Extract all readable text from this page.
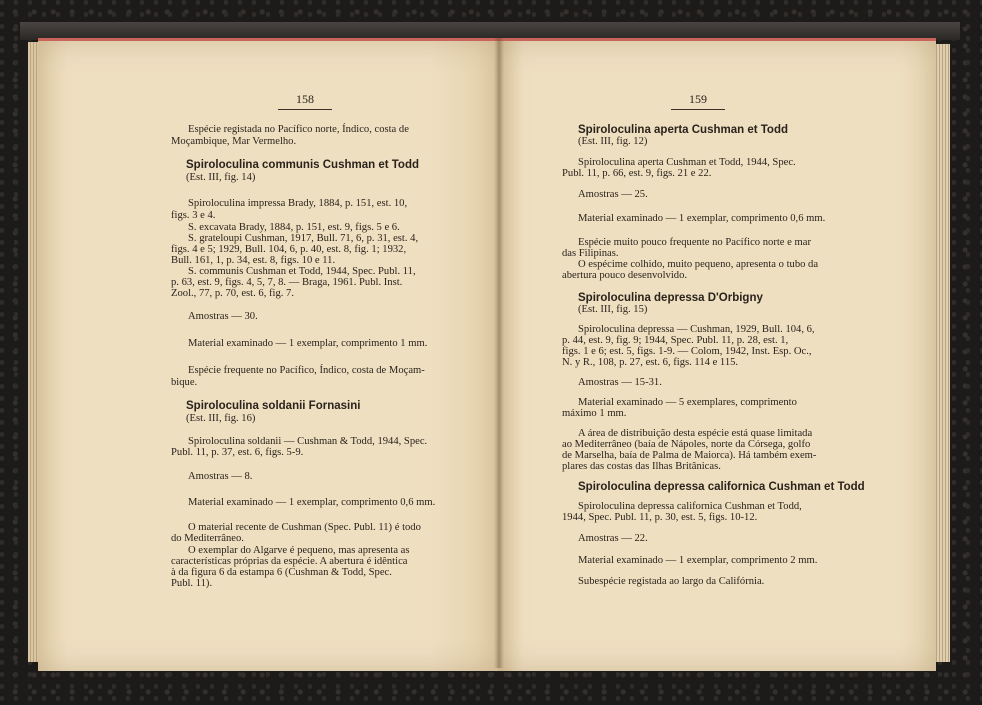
158
Espécie registada no Pacífico norte, Índico, costa de
Moçambique, Mar Vermelho.
Spiroloculina communis Cushman et Todd
(Est. III, fig. 14)
Spiroloculina impressa Brady, 1884, p. 151, est. 10,
figs. 3 e 4.
S. excavata Brady, 1884, p. 151, est. 9, figs. 5 e 6.
S. grateloupi Cushman, 1917, Bull. 71, 6, p. 31, est. 4,
figs. 4 e 5; 1929, Bull. 104, 6, p. 40, est. 8, fig. 1; 1932,
Bull. 161, 1, p. 34, est. 8, figs. 10 e 11.
S. communis Cushman et Todd, 1944, Spec. Publ. 11,
p. 63, est. 9, figs. 4, 5, 7, 8. — Braga, 1961. Publ. Inst.
Zool., 77, p. 70, est. 6, fig. 7.
Amostras — 30.
Material examinado — 1 exemplar, comprimento 1 mm.
Espécie frequente no Pacífico, Índico, costa de Moçam-
bique.
Spiroloculina soldanii Fornasini
(Est. III, fig. 16)
Spiroloculina soldanii — Cushman & Todd, 1944, Spec.
Publ. 11, p. 37, est. 6, figs. 5-9.
Amostras — 8.
Material examinado — 1 exemplar, comprimento 0,6 mm.
O material recente de Cushman (Spec. Publ. 11) é todo
do Mediterrâneo.
O exemplar do Algarve é pequeno, mas apresenta as
características próprias da espécie. A abertura é idêntica
à da figura 6 da estampa 6 (Cushman & Todd, Spec.
Publ. 11).
159
Spiroloculina aperta Cushman et Todd
(Est. III, fig. 12)
Spiroloculina aperta Cushman et Todd, 1944, Spec.
Publ. 11, p. 66, est. 9, figs. 21 e 22.
Amostras — 25.
Material examinado — 1 exemplar, comprimento 0,6 mm.
Espécie muito pouco frequente no Pacífico norte e mar
das Filipinas.
O espécime colhido, muito pequeno, apresenta o tubo da
abertura pouco desenvolvido.
Spiroloculina depressa D'Orbigny
(Est. III, fig. 15)
Spiroloculina depressa — Cushman, 1929, Bull. 104, 6,
p. 44, est. 9, fig. 9; 1944, Spec. Publ. 11, p. 28, est. 1,
figs. 1 e 6; est. 5, figs. 1-9. — Colom, 1942, Inst. Esp. Oc.,
N. y R., 108, p. 27, est. 6, figs. 114 e 115.
Amostras — 15-31.
Material examinado — 5 exemplares, comprimento
máximo 1 mm.
A área de distribuição desta espécie está quase limitada
ao Mediterrâneo (baía de Nápoles, norte da Córsega, golfo
de Marselha, baía de Palma de Maiorca). Há também exem-
plares das costas das Ilhas Britânicas.
Spiroloculina depressa californica Cushman et Todd
Spiroloculina depressa californica Cushman et Todd,
1944, Spec. Publ. 11, p. 30, est. 5, figs. 10-12.
Amostras — 22.
Material examinado — 1 exemplar, comprimento 2 mm.
Subespécie registada ao largo da Califórnia.
